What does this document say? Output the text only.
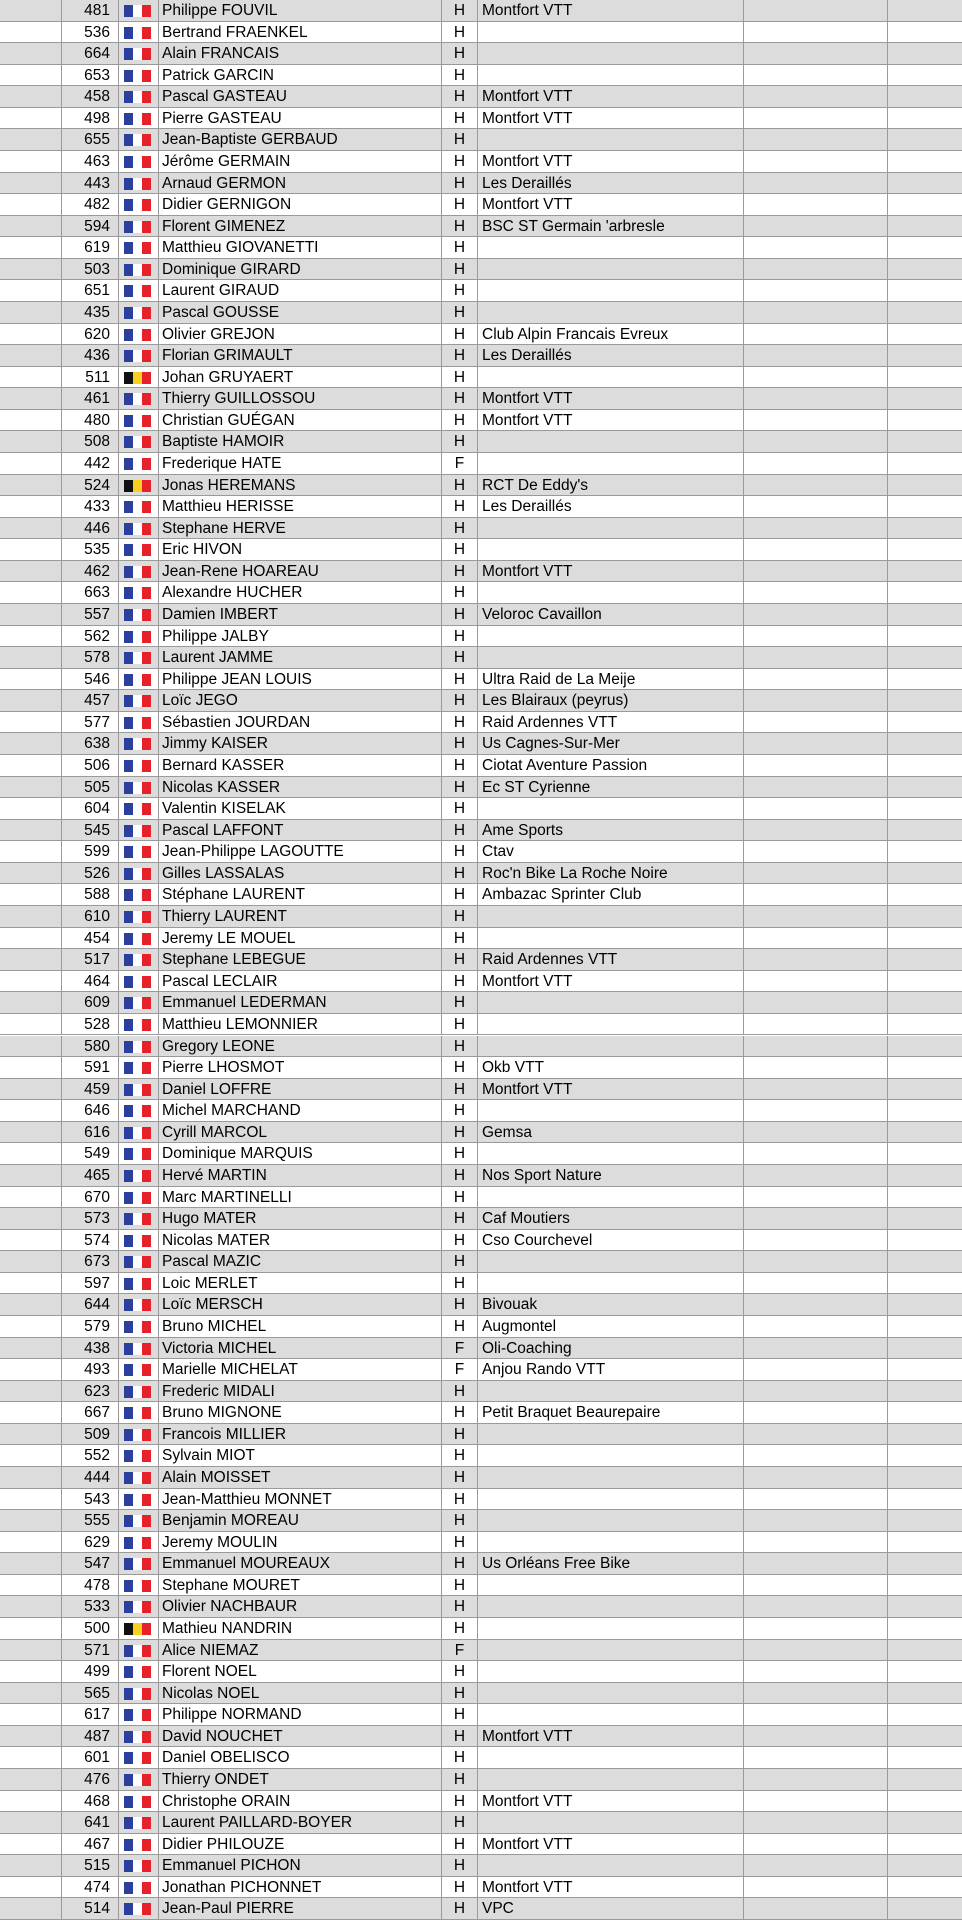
481	Philippe FOUVIL	H	Montfort VTT
536	Bertrand FRAENKEL	H
664	Alain FRANCAIS	H
653	Patrick GARCIN	H
458	Pascal GASTEAU	H	Montfort VTT
498	Pierre GASTEAU	H	Montfort VTT
655	Jean-Baptiste GERBAUD	H
463	Jérôme GERMAIN	H	Montfort VTT
443	Arnaud GERMON	H	Les Deraillés
482	Didier GERNIGON	H	Montfort VTT
594	Florent GIMENEZ	H	BSC ST Germain 'arbresle
619	Matthieu GIOVANETTI	H
503	Dominique GIRARD	H
651	Laurent GIRAUD	H
435	Pascal GOUSSE	H
620	Olivier GREJON	H	Club Alpin Francais Evreux
436	Florian GRIMAULT	H	Les Deraillés
511	Johan GRUYAERT	H
461	Thierry GUILLOSSOU	H	Montfort VTT
480	Christian GUÉGAN	H	Montfort VTT
508	Baptiste HAMOIR	H
442	Frederique HATE	F
524	Jonas HEREMANS	H	RCT De Eddy's
433	Matthieu HERISSE	H	Les Deraillés
446	Stephane HERVE	H
535	Eric HIVON	H
462	Jean-Rene HOAREAU	H	Montfort VTT
663	Alexandre HUCHER	H
557	Damien IMBERT	H	Veloroc Cavaillon
562	Philippe JALBY	H
578	Laurent JAMME	H
546	Philippe JEAN LOUIS	H	Ultra Raid de La Meije
457	Loïc JEGO	H	Les Blairaux (peyrus)
577	Sébastien JOURDAN	H	Raid Ardennes VTT
638	Jimmy KAISER	H	Us Cagnes-Sur-Mer
506	Bernard KASSER	H	Ciotat Aventure Passion
505	Nicolas KASSER	H	Ec ST Cyrienne
604	Valentin KISELAK	H
545	Pascal LAFFONT	H	Ame Sports
599	Jean-Philippe LAGOUTTE	H	Ctav
526	Gilles LASSALAS	H	Roc'n Bike La Roche Noire
588	Stéphane LAURENT	H	Ambazac Sprinter Club
610	Thierry LAURENT	H
454	Jeremy LE MOUEL	H
517	Stephane LEBEGUE	H	Raid Ardennes VTT
464	Pascal LECLAIR	H	Montfort VTT
609	Emmanuel LEDERMAN	H
528	Matthieu LEMONNIER	H
580	Gregory LEONE	H
591	Pierre LHOSMOT	H	Okb VTT
459	Daniel LOFFRE	H	Montfort VTT
646	Michel MARCHAND	H
616	Cyrill MARCOL	H	Gemsa
549	Dominique MARQUIS	H
465	Hervé MARTIN	H	Nos Sport Nature
670	Marc MARTINELLI	H
573	Hugo MATER	H	Caf Moutiers
574	Nicolas MATER	H	Cso Courchevel
673	Pascal MAZIC	H
597	Loic MERLET	H
644	Loïc MERSCH	H	Bivouak
579	Bruno MICHEL	H	Augmontel
438	Victoria MICHEL	F	Oli-Coaching
493	Marielle MICHELAT	F	Anjou Rando VTT
623	Frederic MIDALI	H
667	Bruno MIGNONE	H	Petit Braquet Beaurepaire
509	Francois MILLIER	H
552	Sylvain MIOT	H
444	Alain MOISSET	H
543	Jean-Matthieu MONNET	H
555	Benjamin MOREAU	H
629	Jeremy MOULIN	H
547	Emmanuel MOUREAUX	H	Us Orléans Free Bike
478	Stephane MOURET	H
533	Olivier NACHBAUR	H
500	Mathieu NANDRIN	H
571	Alice NIEMAZ	F
499	Florent NOEL	H
565	Nicolas NOEL	H
617	Philippe NORMAND	H
487	David NOUCHET	H	Montfort VTT
601	Daniel OBELISCO	H
476	Thierry ONDET	H
468	Christophe ORAIN	H	Montfort VTT
641	Laurent PAILLARD-BOYER	H
467	Didier PHILOUZE	H	Montfort VTT
515	Emmanuel PICHON	H
474	Jonathan PICHONNET	H	Montfort VTT
514	Jean-Paul PIERRE	H	VPC
